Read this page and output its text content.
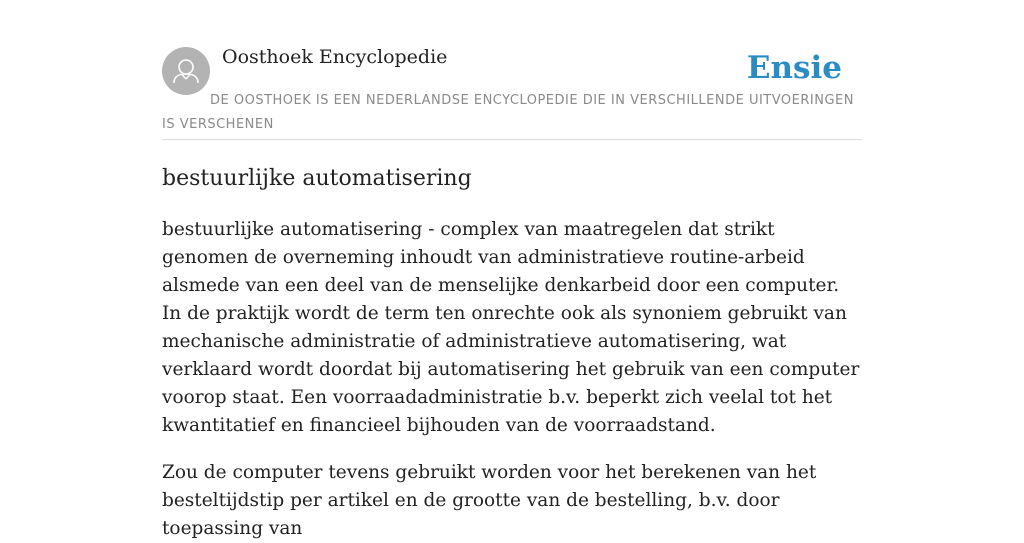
Oosthoek Encyclopedie	Ensie

DE OOSTHOEK IS EEN NEDERLANDSE ENCYCLOPEDIE DIE IN VERSCHILLENDE UITVOERINGEN IS VERSCHENEN

bestuurlijke automatisering

bestuurlijke automatisering - complex van maatregelen dat strikt genomen de overneming inhoudt van administratieve routine-arbeid alsmede van een deel van de menselijke denkarbeid door een computer. In de praktijk wordt de term ten onrechte ook als synoniem gebruikt van mechanische administratie of administratieve automatisering, wat verklaard wordt doordat bij automatisering het gebruik van een computer voorop staat. Een voorraadadministratie b.v. beperkt zich veelal tot het kwantitatief en financieel bijhouden van de voorraadstand.

Zou de computer tevens gebruikt worden voor het berekenen van het besteltijdstip per artikel en de grootte van de bestelling, b.v. door toepassing van
